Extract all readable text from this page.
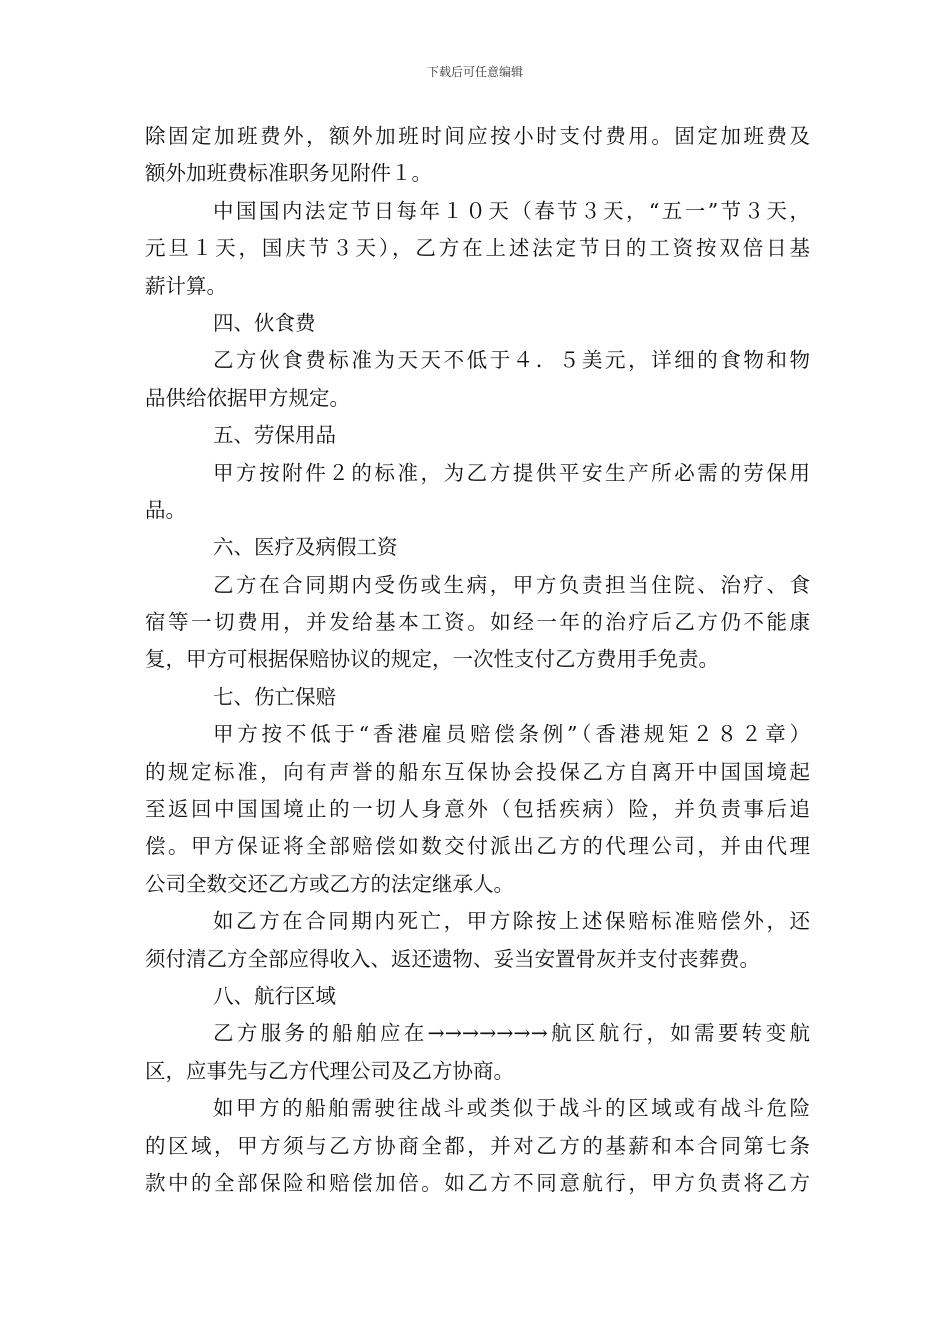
下载后可任意编辑
除固定加班费外，额外加班时间应按小时支付费用。固定加班费及
额外加班费标准职务见附件１。
中国国内法定节日每年１０天（春节３天，“五一”节３天，
元旦１天，国庆节３天），乙方在上述法定节日的工资按双倍日基
薪计算。
四、伙食费
乙方伙食费标准为天天不低于４．５美元，详细的食物和物
品供给依据甲方规定。
五、劳保用品
甲方按附件２的标准，为乙方提供平安生产所必需的劳保用
品。
六、医疗及病假工资
乙方在合同期内受伤或生病，甲方负责担当住院、治疗、食
宿等一切费用，并发给基本工资。如经一年的治疗后乙方仍不能康
复，甲方可根据保赔协议的规定，一次性支付乙方费用手免责。
七、伤亡保赔
甲方按不低于“香港雇员赔偿条例”（香港规矩２８２章）
的规定标准，向有声誉的船东互保协会投保乙方自离开中国国境起
至返回中国国境止的一切人身意外（包括疾病）险，并负责事后追
偿。甲方保证将全部赔偿如数交付派出乙方的代理公司，并由代理
公司全数交还乙方或乙方的法定继承人。
如乙方在合同期内死亡，甲方除按上述保赔标准赔偿外，还
须付清乙方全部应得收入、返还遗物、妥当安置骨灰并支付丧葬费。
八、航行区域
乙方服务的船舶应在→→→→→→→航区航行，如需要转变航
区，应事先与乙方代理公司及乙方协商。
如甲方的船舶需驶往战斗或类似于战斗的区域或有战斗危险
的区域，甲方须与乙方协商全都，并对乙方的基薪和本合同第七条
款中的全部保险和赔偿加倍。如乙方不同意航行，甲方负责将乙方
